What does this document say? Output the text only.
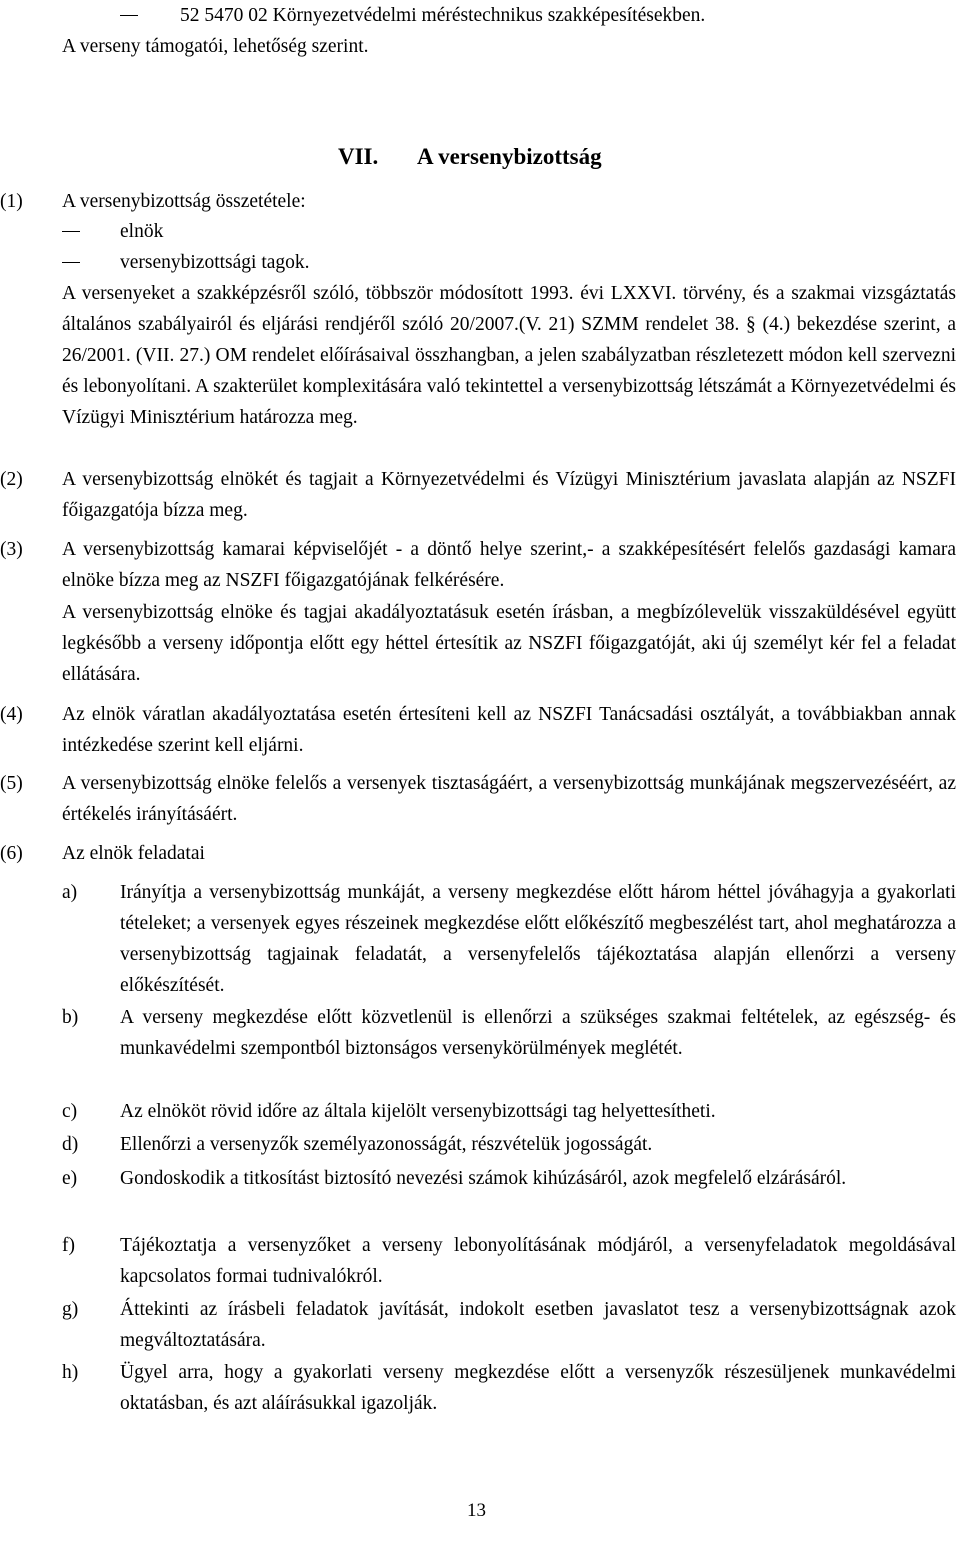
52 5470 02 Környezetvédelmi méréstechnikus szakképesítésekben.
A verseny támogatói, lehetőség szerint.
VII. A versenybizottság
(1) A versenybizottság összetétele:
elnök
versenybizottsági tagok.
A versenyeket a szakképzésről szóló, többször módosított 1993. évi LXXVI. törvény, és a szakmai vizsgáztatás általános szabályairól és eljárási rendjéről szóló 20/2007.(V. 21) SZMM rendelet 38. § (4.) bekezdése szerint, a 26/2001. (VII. 27.) OM rendelet előírásaival összhangban, a jelen szabályzatban részletezett módon kell szervezni és lebonyolítani. A szakterület komplexitására való tekintettel a versenybizottság létszámát a Környezetvédelmi és Vízügyi Minisztérium határozza meg.
(2) A versenybizottság elnökét és tagjait a Környezetvédelmi és Vízügyi Minisztérium javaslata alapján az NSZFI főigazgatója bízza meg.
(3) A versenybizottság kamarai képviselőjét - a döntő helye szerint,- a szakképesítésért felelős gazdasági kamara elnöke bízza meg az NSZFI főigazgatójának felkérésére.
A versenybizottság elnöke és tagjai akadályoztatásuk esetén írásban, a megbízólevelük visszaküldésével együtt legkésőbb a verseny időpontja előtt egy héttel értesítik az NSZFI főigazgatóját, aki új személyt kér fel a feladat ellátására.
(4) Az elnök váratlan akadályoztatása esetén értesíteni kell az NSZFI Tanácsadási osztályát, a továbbiakban annak intézkedése szerint kell eljárni.
(5) A versenybizottság elnöke felelős a versenyek tisztaságáért, a versenybizottság munkájának megszervezéséért, az értékelés irányításáért.
(6) Az elnök feladatai
a) Irányítja a versenybizottság munkáját, a verseny megkezdése előtt három héttel jóváhagyja a gyakorlati tételeket; a versenyek egyes részeinek megkezdése előtt előkészítő megbeszélést tart, ahol meghatározza a versenybizottság tagjainak feladatát, a versenyfelelős tájékoztatása alapján ellenőrzi a verseny előkészítését.
b) A verseny megkezdése előtt közvetlenül is ellenőrzi a szükséges szakmai feltételek, az egészség- és munkavédelmi szempontból biztonságos versenykörülmények meglétét.
c) Az elnököt rövid időre az általa kijelölt versenybizottsági tag helyettesítheti.
d) Ellenőrzi a versenyzők személyazonosságát, részvételük jogosságát.
e) Gondoskodik a titkosítást biztosító nevezési számok kihúzásáról, azok megfelelő elzárásáról.
f) Tájékoztatja a versenyzőket a verseny lebonyolításának módjáról, a versenyfeladatok megoldásával kapcsolatos formai tudnivalókról.
g) Áttekinti az írásbeli feladatok javítását, indokolt esetben javaslatot tesz a versenybizottságnak azok megváltoztatására.
h) Ügyel arra, hogy a gyakorlati verseny megkezdése előtt a versenyzők részesüljenek munkavédelmi oktatásban, és azt aláírásukkal igazolják.
13
